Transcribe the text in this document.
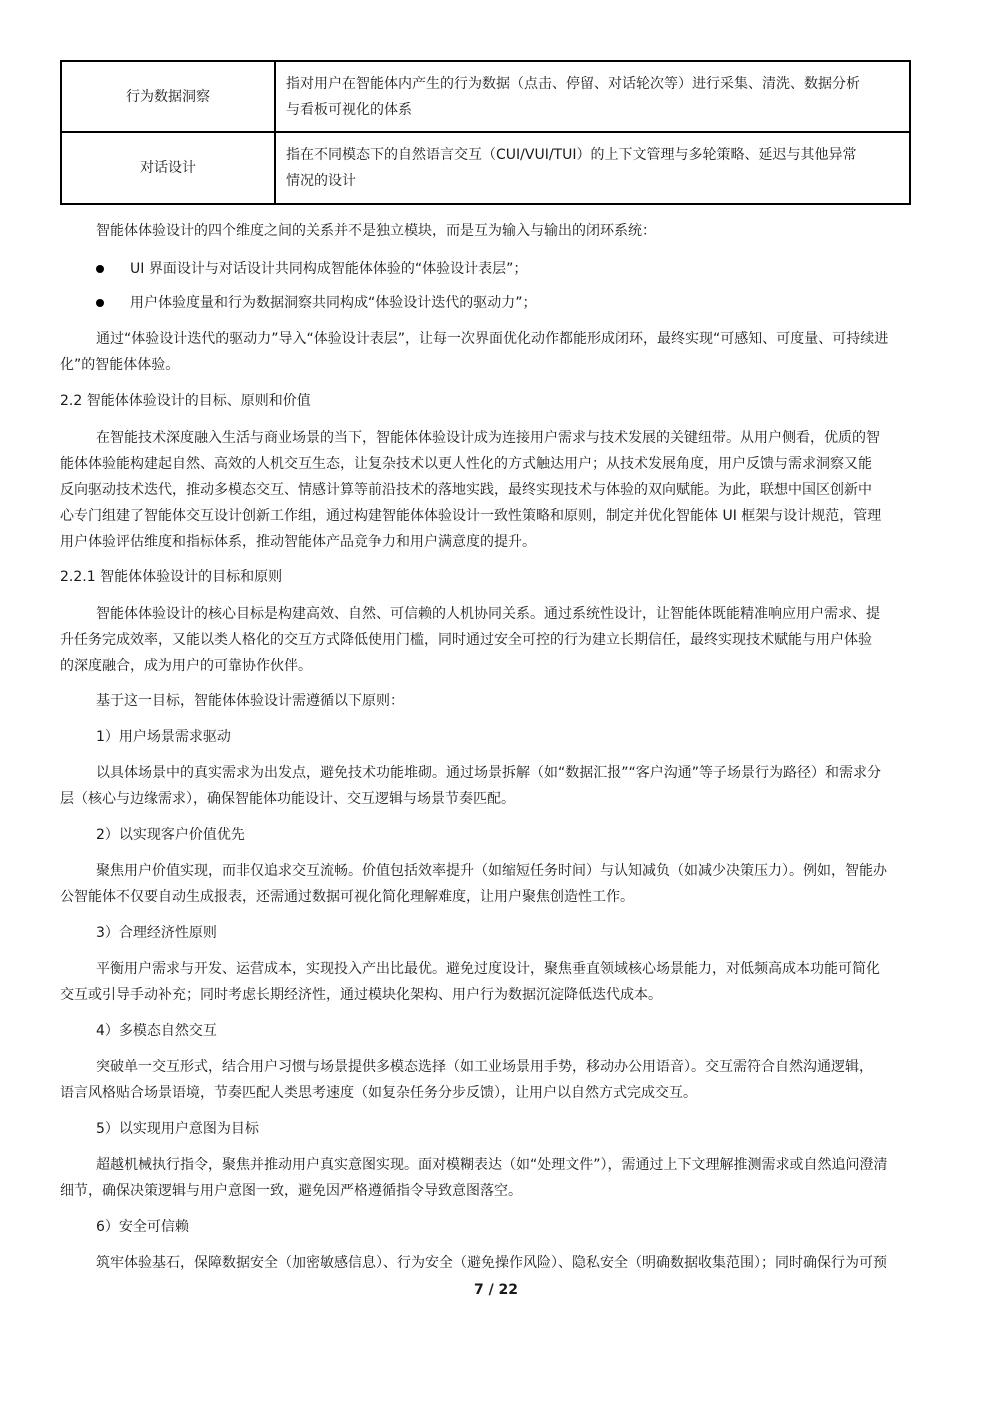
行为数据洞察	指对用户在智能体内产生的行为数据（点击、停留、对话轮次等）进行采集、清洗、数据分析
与看板可视化的体系
对话设计	指在不同模态下的自然语言交互（CUI/VUI/TUI）的上下文管理与多轮策略、延迟与其他异常
情况的设计
智能体体验设计的四个维度之间的关系并不是独立模块，而是互为输入与输出的闭环系统：
UI 界面设计与对话设计共同构成智能体体验的“体验设计表层”；
用户体验度量和行为数据洞察共同构成“体验设计迭代的驱动力”；
通过“体验设计迭代的驱动力”导入“体验设计表层”，让每一次界面优化动作都能形成闭环，最终实现“可感知、可度量、可持续进
化”的智能体体验。
2.2 智能体体验设计的目标、原则和价值
在智能技术深度融入生活与商业场景的当下，智能体体验设计成为连接用户需求与技术发展的关键纽带。从用户侧看，优质的智
能体体验能构建起自然、高效的人机交互生态，让复杂技术以更人性化的方式触达用户；从技术发展角度，用户反馈与需求洞察又能
反向驱动技术迭代，推动多模态交互、情感计算等前沿技术的落地实践，最终实现技术与体验的双向赋能。为此，联想中国区创新中
心专门组建了智能体交互设计创新工作组，通过构建智能体体验设计一致性策略和原则，制定并优化智能体 UI 框架与设计规范，管理
用户体验评估维度和指标体系，推动智能体产品竞争力和用户满意度的提升。
2.2.1 智能体体验设计的目标和原则
智能体体验设计的核心目标是构建高效、自然、可信赖的人机协同关系。通过系统性设计，让智能体既能精准响应用户需求、提
升任务完成效率，又能以类人格化的交互方式降低使用门槛，同时通过安全可控的行为建立长期信任，最终实现技术赋能与用户体验
的深度融合，成为用户的可靠协作伙伴。
基于这一目标，智能体体验设计需遵循以下原则：
1）用户场景需求驱动
以具体场景中的真实需求为出发点，避免技术功能堆砌。通过场景拆解（如“数据汇报”“客户沟通”等子场景行为路径）和需求分
层（核心与边缘需求），确保智能体功能设计、交互逻辑与场景节奏匹配。
2）以实现客户价值优先
聚焦用户价值实现，而非仅追求交互流畅。价值包括效率提升（如缩短任务时间）与认知减负（如减少决策压力）。例如，智能办
公智能体不仅要自动生成报表，还需通过数据可视化简化理解难度，让用户聚焦创造性工作。
3）合理经济性原则
平衡用户需求与开发、运营成本，实现投入产出比最优。避免过度设计，聚焦垂直领域核心场景能力，对低频高成本功能可简化
交互或引导手动补充；同时考虑长期经济性，通过模块化架构、用户行为数据沉淀降低迭代成本。
4）多模态自然交互
突破单一交互形式，结合用户习惯与场景提供多模态选择（如工业场景用手势，移动办公用语音）。交互需符合自然沟通逻辑，
语言风格贴合场景语境，节奏匹配人类思考速度（如复杂任务分步反馈），让用户以自然方式完成交互。
5）以实现用户意图为目标
超越机械执行指令，聚焦并推动用户真实意图实现。面对模糊表达（如“处理文件”），需通过上下文理解推测需求或自然追问澄清
细节，确保决策逻辑与用户意图一致，避免因严格遵循指令导致意图落空。
6）安全可信赖
筑牢体验基石，保障数据安全（加密敏感信息）、行为安全（避免操作风险）、隐私安全（明确数据收集范围）；同时确保行为可预
7 / 22
